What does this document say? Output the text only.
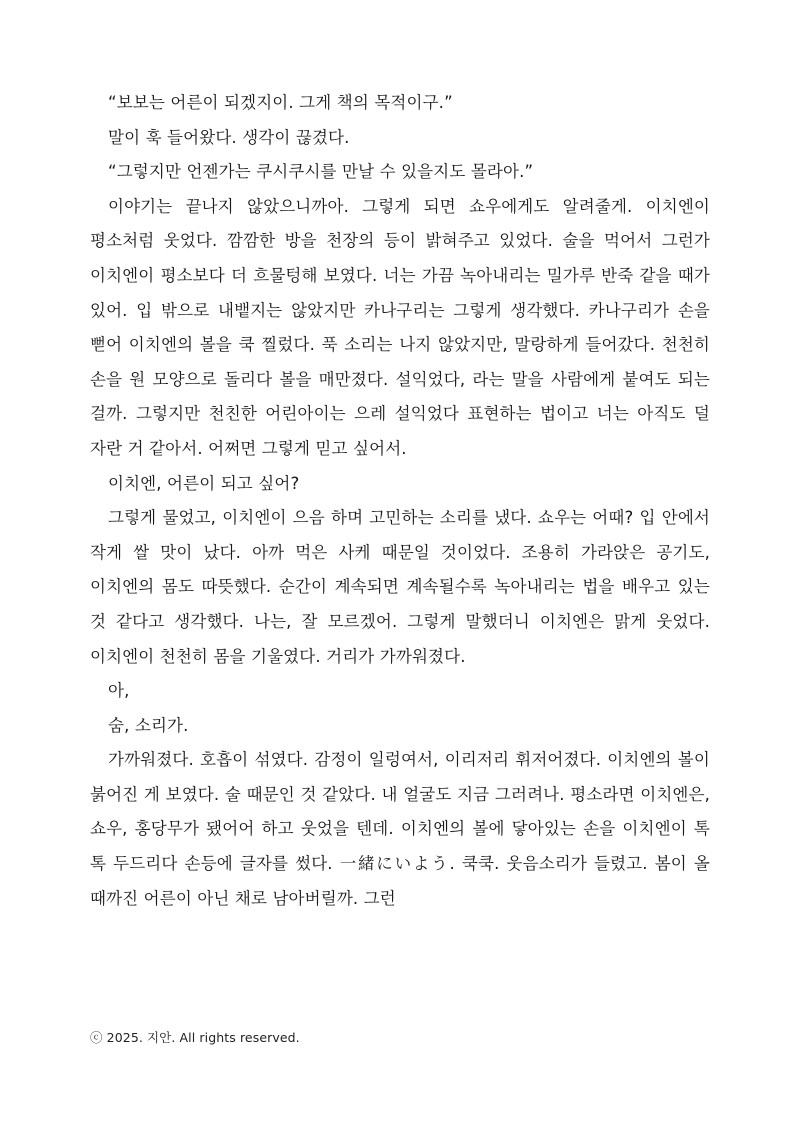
“보보는 어른이 되겠지이. 그게 책의 목적이구.”

말이 훅 들어왔다. 생각이 끊겼다.

“그렇지만 언젠가는 쿠시쿠시를 만날 수 있을지도 몰라아.”

이야기는 끝나지 않았으니까아. 그렇게 되면 쇼우에게도 알려줄게. 이치엔이 평소처럼 웃었다. 깜깜한 방을 천장의 등이 밝혀주고 있었다. 술을 먹어서 그런가 이치엔이 평소보다 더 흐물텅해 보였다. 너는 가끔 녹아내리는 밀가루 반죽 같을 때가 있어. 입 밖으로 내뱉지는 않았지만 카나구리는 그렇게 생각했다. 카나구리가 손을 뻗어 이치엔의 볼을 쿡 찔렀다. 푹 소리는 나지 않았지만, 말랑하게 들어갔다. 천천히 손을 원 모양으로 돌리다 볼을 매만졌다. 설익었다, 라는 말을 사람에게 붙여도 되는 걸까. 그렇지만 천친한 어린아이는 으레 설익었다 표현하는 법이고 너는 아직도 덜 자란 거 같아서. 어쩌면 그렇게 믿고 싶어서.

이치엔, 어른이 되고 싶어?

그렇게 물었고, 이치엔이 으음 하며 고민하는 소리를 냈다. 쇼우는 어때? 입 안에서 작게 쌀 맛이 났다. 아까 먹은 사케 때문일 것이었다. 조용히 가라앉은 공기도, 이치엔의 몸도 따뜻했다. 순간이 계속되면 계속될수록 녹아내리는 법을 배우고 있는 것 같다고 생각했다. 나는, 잘 모르겠어. 그렇게 말했더니 이치엔은 맑게 웃었다. 이치엔이 천천히 몸을 기울였다. 거리가 가까워졌다.

아,

숨, 소리가.

가까워졌다. 호흡이 섞였다. 감정이 일렁여서, 이리저리 휘저어졌다. 이치엔의 볼이 붉어진 게 보였다. 술 때문인 것 같았다. 내 얼굴도 지금 그러려나. 평소라면 이치엔은, 쇼우, 홍당무가 됐어어 하고 웃었을 텐데. 이치엔의 볼에 닿아있는 손을 이치엔이 톡 톡 두드리다 손등에 글자를 썼다. 一緒にいよう. 쿡쿡. 웃음소리가 들렸고. 봄이 올 때까진 어른이 아닌 채로 남아버릴까. 그런

ⓒ 2025. 지안. All rights reserved.
